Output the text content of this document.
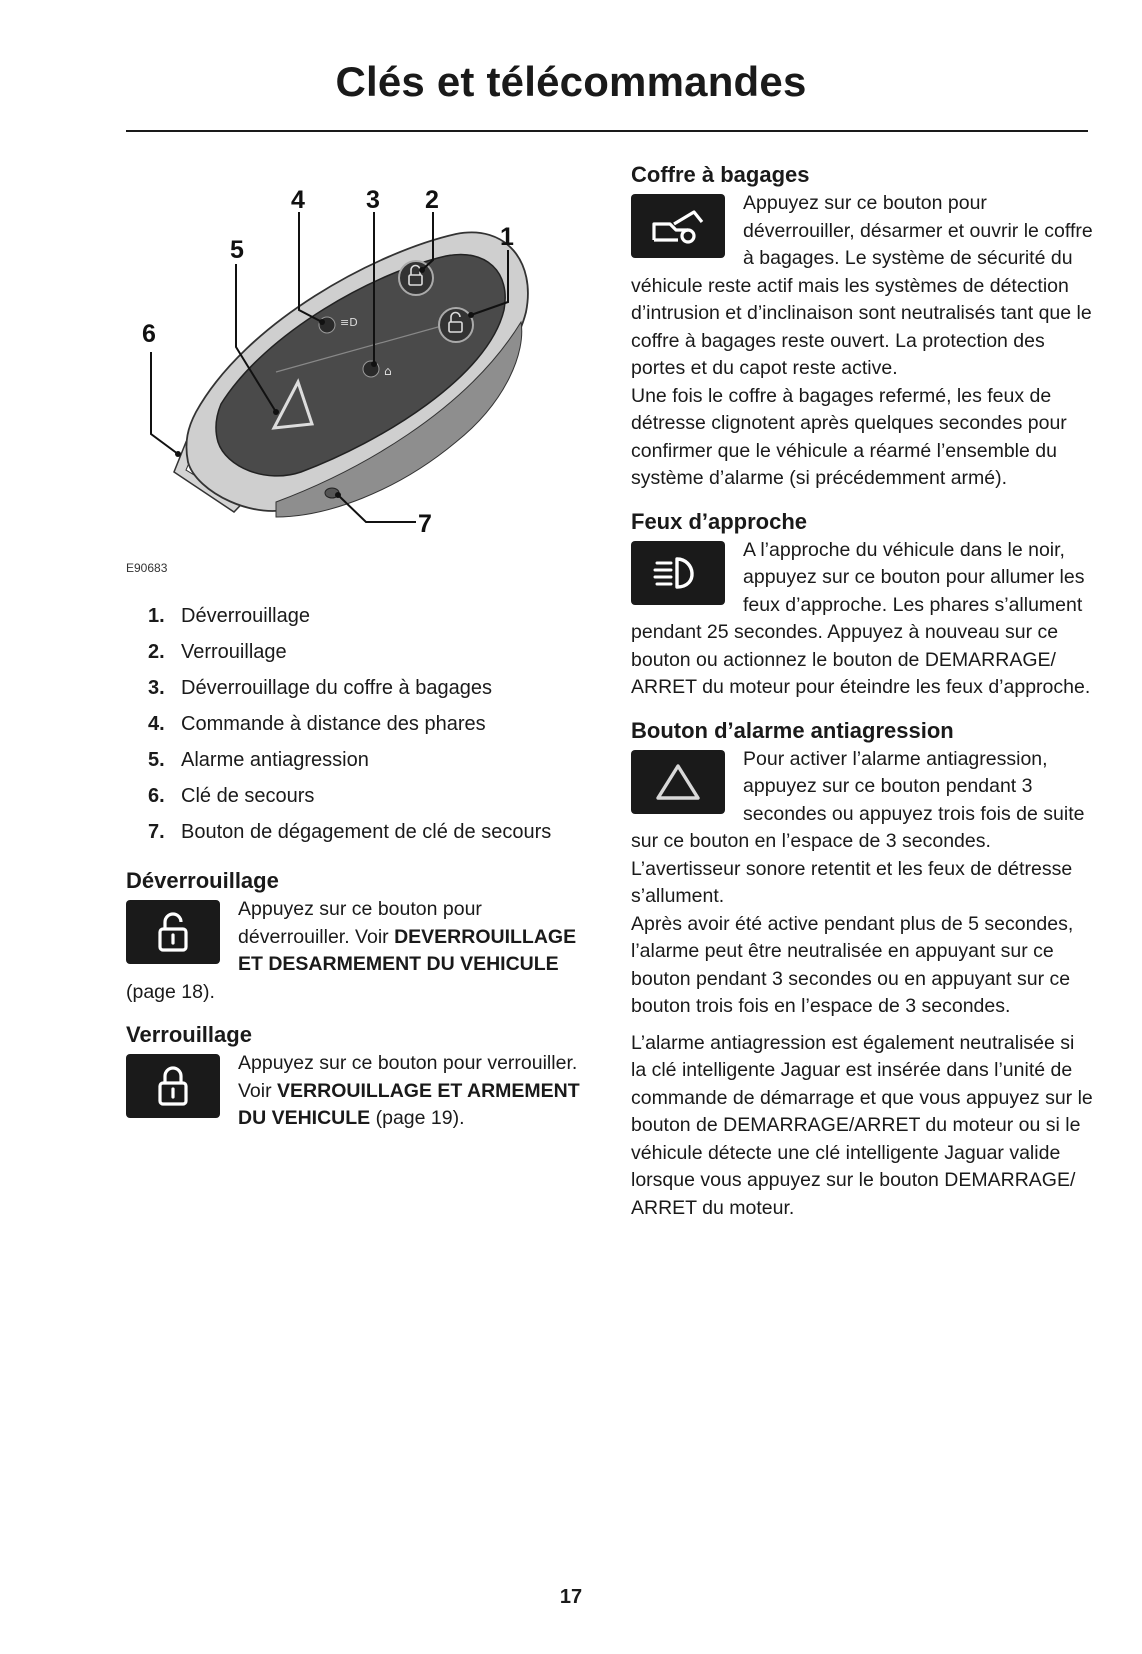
Clés et télécommandes
≡D
⌂
1
2
3
4
5
6
7
E90683
1. Déverrouillage
2. Verrouillage
3. Déverrouillage du coffre à bagages
4. Commande à distance des phares
5. Alarme antiagression
6. Clé de secours
7. Bouton de dégagement de clé de secours
Déverrouillage

Appuyez sur ce bouton pour déverrouiller. Voir DEVERROUILLAGE ET DESARMEMENT DU VEHICULE (page 18).

Verrouillage

Appuyez sur ce bouton pour verrouiller. Voir VERROUILLAGE ET ARMEMENT DU VEHICULE (page 19).

Coffre à bagages

Appuyez sur ce bouton pour déverrouiller, désarmer et ouvrir le coffre à bagages. Le système de sécurité du véhicule reste actif mais les systèmes de détection d’intrusion et d’inclinaison sont neutralisés tant que le coffre à bagages reste ouvert. La protection des portes et du capot reste active.

Une fois le coffre à bagages refermé, les feux de détresse clignotent après quelques secondes pour confirmer que le véhicule a réarmé l’ensemble du système d’alarme (si précédemment armé).

Feux d’approche

A l’approche du véhicule dans le noir, appuyez sur ce bouton pour allumer les feux d’approche. Les phares s’allument pendant 25 secondes. Appuyez à nouveau sur ce bouton ou actionnez le bouton de DEMARRAGE/ ARRET du moteur pour éteindre les feux d’approche.

Bouton d’alarme antiagression

Pour activer l’alarme antiagression, appuyez sur ce bouton pendant 3 secondes ou appuyez trois fois de suite sur ce bouton en l’espace de 3 secondes. L’avertisseur sonore retentit et les feux de détresse s’allument.

Après avoir été active pendant plus de 5 secondes, l’alarme peut être neutralisée en appuyant sur ce bouton pendant 3 secondes ou en appuyant sur ce bouton trois fois en l’espace de 3 secondes.

L’alarme antiagression est également neutralisée si la clé intelligente Jaguar est insérée dans l’unité de commande de démarrage et que vous appuyez sur le bouton de DEMARRAGE/ARRET du moteur ou si le véhicule détecte une clé intelligente Jaguar valide lorsque vous appuyez sur le bouton DEMARRAGE/ ARRET du moteur.

17
